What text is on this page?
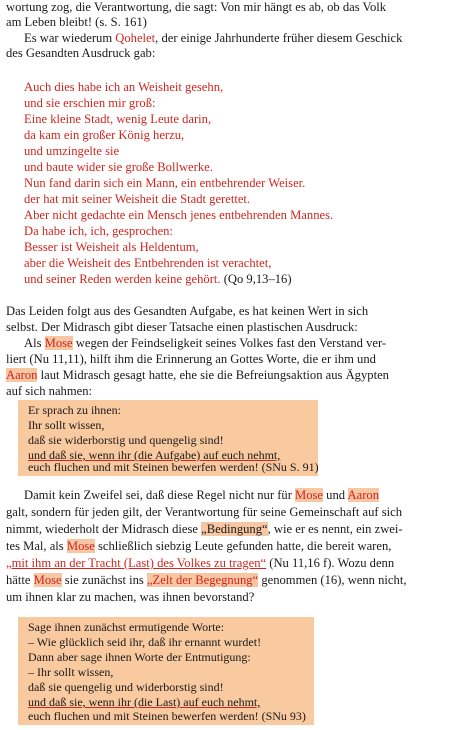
wortung zog, die Verantwortung, die sagt: Von mir hängt es ab, ob das Volk
am Leben bleibt! (s. S. 161)
Es war wiederum Qohelet, der einige Jahrhunderte früher diesem Geschick
des Gesandten Ausdruck gab:
Auch dies habe ich an Weisheit gesehn,
und sie erschien mir groß:
Eine kleine Stadt, wenig Leute darin,
da kam ein großer König herzu,
und umzingelte sie
und baute wider sie große Bollwerke.
Nun fand darin sich ein Mann, ein entbehrender Weiser.
der hat mit seiner Weisheit die Stadt gerettet.
Aber nicht gedachte ein Mensch jenes entbehrenden Mannes.
Da habe ich, ich, gesprochen:
Besser ist Weisheit als Heldentum,
aber die Weisheit des Entbehrenden ist verachtet,
und seiner Reden werden keine gehört. (Qo 9,13–16)
Das Leiden folgt aus des Gesandten Aufgabe, es hat keinen Wert in sich
selbst. Der Midrasch gibt dieser Tatsache einen plastischen Ausdruck:
Als Mose wegen der Feindseligkeit seines Volkes fast den Verstand ver-
liert (Nu 11,11), hilft ihm die Erinnerung an Gottes Worte, die er ihm und
Aaron laut Midrasch gesagt hatte, ehe sie die Befreiungsaktion aus Ägypten
auf sich nahmen:
Er sprach zu ihnen:
Ihr sollt wissen,
daß sie widerborstig und quengelig sind!
und daß sie, wenn ihr (die Aufgabe) auf euch nehmt,
euch fluchen und mit Steinen bewerfen werden! (SNu S. 91)
Damit kein Zweifel sei, daß diese Regel nicht nur für Mose und Aaron
galt, sondern für jeden gilt, der Verantwortung für seine Gemeinschaft auf sich
nimmt, wiederholt der Midrasch diese „Bedingung“, wie er es nennt, ein zwei-
tes Mal, als Mose schließlich siebzig Leute gefunden hatte, die bereit waren,
„mit ihm an der Tracht (Last) des Volkes zu tragen“ (Nu 11,16 f). Wozu denn
hätte Mose sie zunächst ins „Zelt der Begegnung“ genommen (16), wenn nicht,
um ihnen klar zu machen, was ihnen bevorstand?
Sage ihnen zunächst ermutigende Worte:
– Wie glücklich seid ihr, daß ihr ernannt wurdet!
Dann aber sage ihnen Worte der Entmutigung:
– Ihr sollt wissen,
daß sie quengelig und widerborstig sind!
und daß sie, wenn ihr (die Last) auf euch nehmt,
euch fluchen und mit Steinen bewerfen werden! (SNu 93)
